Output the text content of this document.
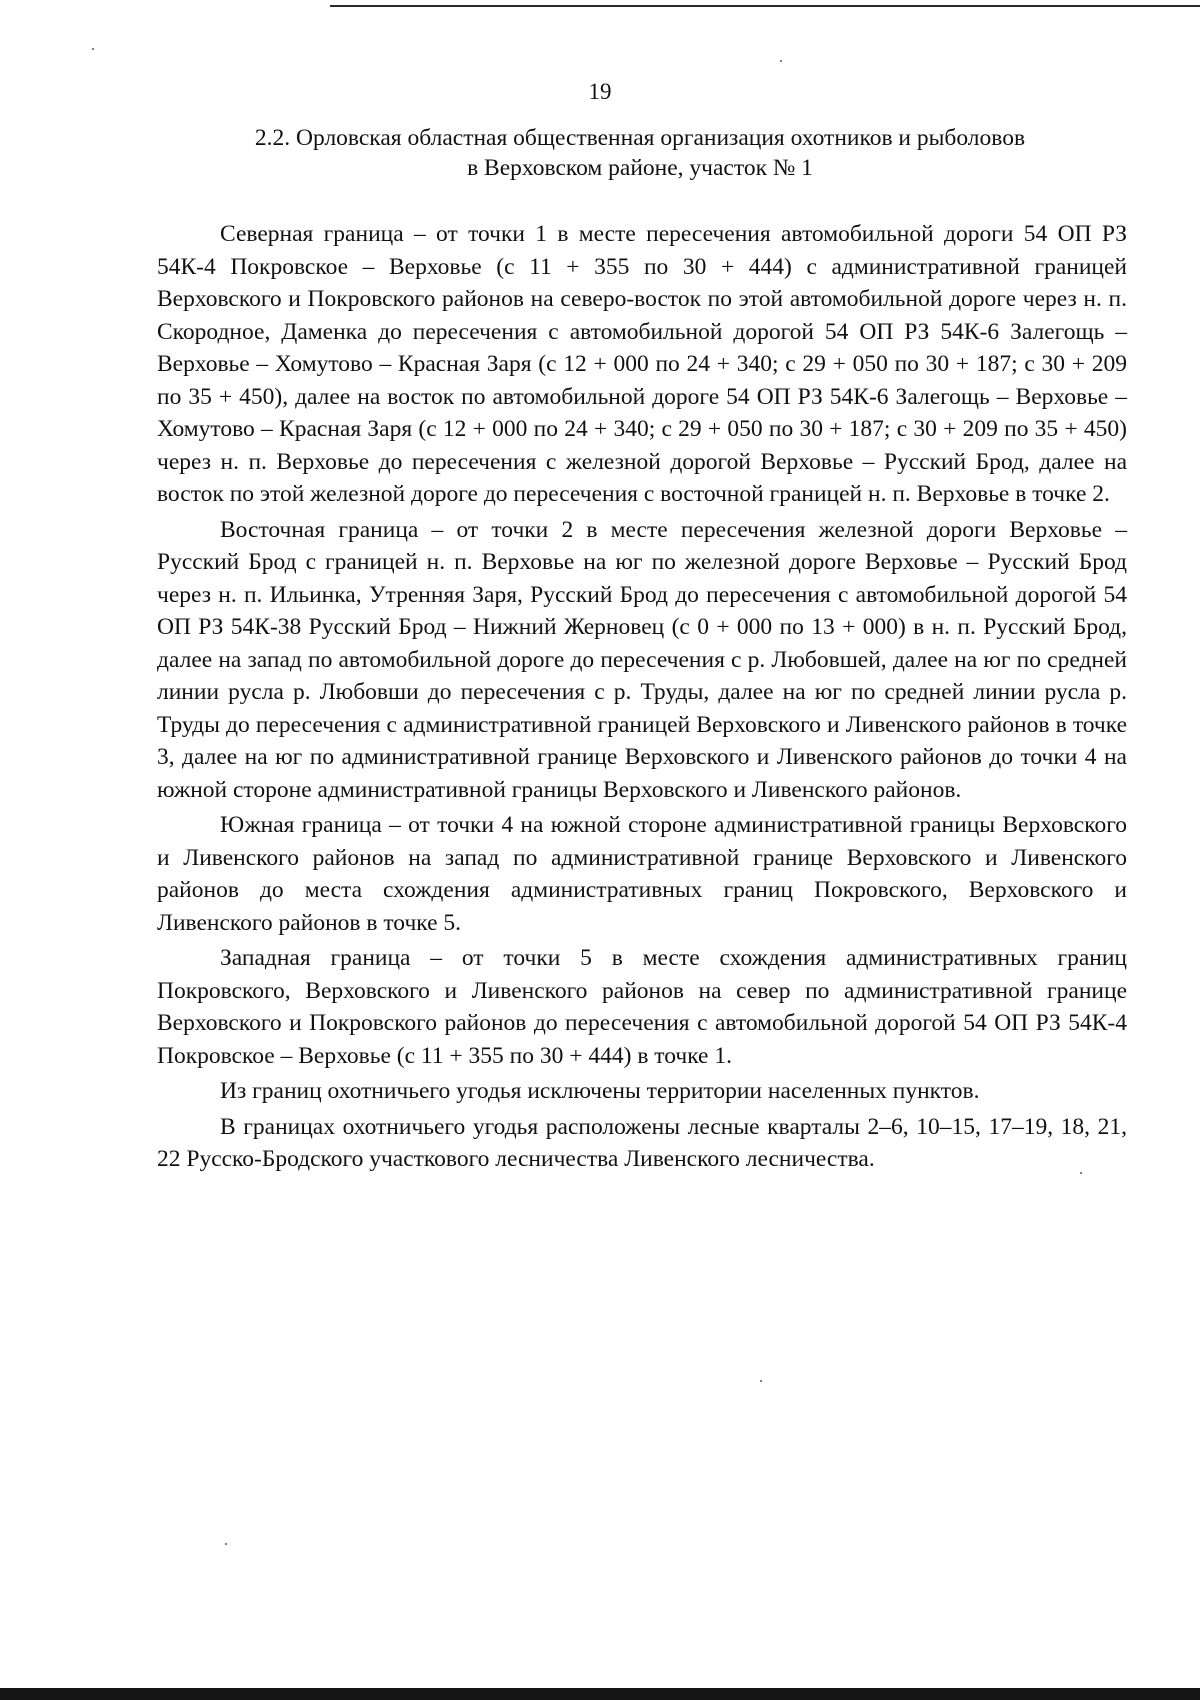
19
2.2. Орловская областная общественная организация охотников и рыболовов
в Верховском районе, участок № 1

Северная граница – от точки 1 в месте пересечения автомобильной дороги 54 ОП РЗ 54К-4 Покровское – Верховье (с 11 + 355 по 30 + 444) с административной границей Верховского и Покровского районов на северо-восток по этой автомобильной дороге через н. п. Скородное, Даменка до пересечения с автомобильной дорогой 54 ОП РЗ 54К-6 Залегощь – Верховье – Хомутово – Красная Заря (с 12 + 000 по 24 + 340; с 29 + 050 по 30 + 187; с 30 + 209 по 35 + 450), далее на восток по автомобильной дороге 54 ОП РЗ 54К-6 Залегощь – Верховье – Хомутово – Красная Заря (с 12 + 000 по 24 + 340; с 29 + 050 по 30 + 187; с 30 + 209 по 35 + 450) через н. п. Верховье до пересечения с железной дорогой Верховье – Русский Брод, далее на восток по этой железной дороге до пересечения с восточной границей н. п. Верховье в точке 2.

Восточная граница – от точки 2 в месте пересечения железной дороги Верховье – Русский Брод с границей н. п. Верховье на юг по железной дороге Верховье – Русский Брод через н. п. Ильинка, Утренняя Заря, Русский Брод до пересечения с автомобильной дорогой 54 ОП РЗ 54К-38 Русский Брод – Нижний Жерновец (с 0 + 000 по 13 + 000) в н. п. Русский Брод, далее на запад по автомобильной дороге до пересечения с р. Любовшей, далее на юг по средней линии русла р. Любовши до пересечения с р. Труды, далее на юг по средней линии русла р. Труды до пересечения с административной границей Верховского и Ливенского районов в точке 3, далее на юг по административной границе Верховского и Ливенского районов до точки 4 на южной стороне административной границы Верховского и Ливенского районов.

Южная граница – от точки 4 на южной стороне административной границы Верховского и Ливенского районов на запад по административной границе Верховского и Ливенского районов до места схождения административных границ Покровского, Верховского и Ливенского районов в точке 5.

Западная граница – от точки 5 в месте схождения административных границ Покровского, Верховского и Ливенского районов на север по административной границе Верховского и Покровского районов до пересечения с автомобильной дорогой 54 ОП РЗ 54К-4 Покровское – Верховье (с 11 + 355 по 30 + 444) в точке 1.

Из границ охотничьего угодья исключены территории населенных пунктов.

В границах охотничьего угодья расположены лесные кварталы 2–6, 10–15, 17–19, 18, 21, 22 Русско-Бродского участкового лесничества Ливенского лесничества.
